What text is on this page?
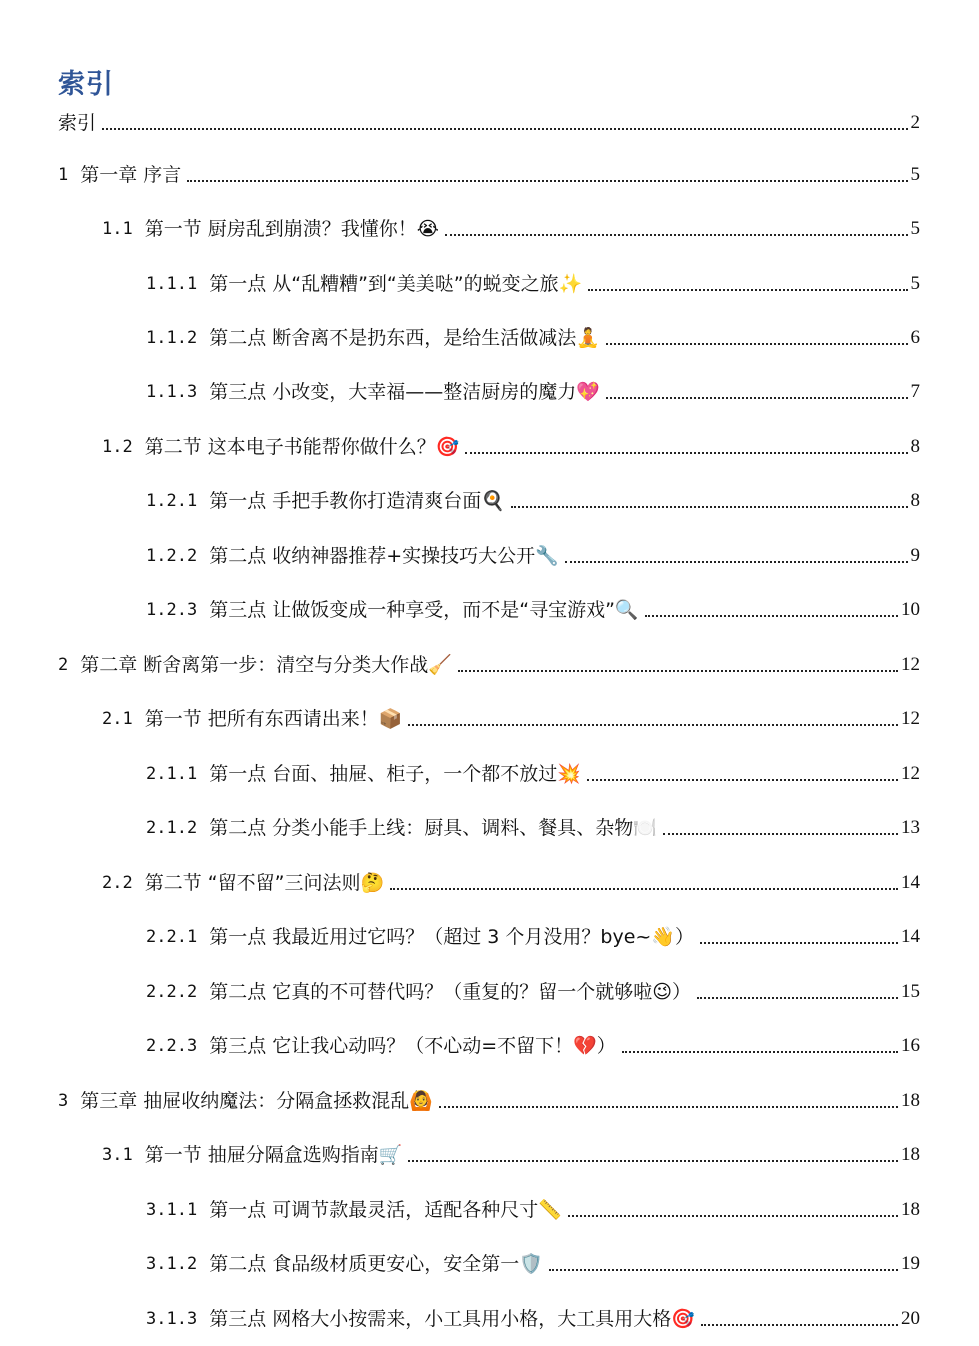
索引
索引	2
1 第一章 序言	5
1.1 第一节 厨房乱到崩溃？我懂你！😭	5
1.1.1 第一点 从“乱糟糟”到“美美哒”的蜕变之旅✨	5
1.1.2 第二点 断舍离不是扔东西，是给生活做减法🧘	6
1.1.3 第三点 小改变，大幸福——整洁厨房的魔力💖	7
1.2 第二节 这本电子书能帮你做什么？🎯	8
1.2.1 第一点 手把手教你打造清爽台面🍳	8
1.2.2 第二点 收纳神器推荐+实操技巧大公开🔧	9
1.2.3 第三点 让做饭变成一种享受，而不是“寻宝游戏”🔍	10
2 第二章 断舍离第一步：清空与分类大作战🧹	12
2.1 第一节 把所有东西请出来！📦	12
2.1.1 第一点 台面、抽屉、柜子，一个都不放过💥	12
2.1.2 第二点 分类小能手上线：厨具、调料、餐具、杂物🍽️	13
2.2 第二节 “留不留”三问法则🤔	14
2.2.1 第一点 我最近用过它吗？（超过 3 个月没用？bye~👋）	14
2.2.2 第二点 它真的不可替代吗？（重复的？留一个就够啦😉）	15
2.2.3 第三点 它让我心动吗？（不心动=不留下！💔）	16
3 第三章 抽屉收纳魔法：分隔盒拯救混乱🙆	18
3.1 第一节 抽屉分隔盒选购指南🛒	18
3.1.1 第一点 可调节款最灵活，适配各种尺寸📏	18
3.1.2 第二点 食品级材质更安心，安全第一🛡️	19
3.1.3 第三点 网格大小按需来，小工具用小格，大工具用大格🎯	20
